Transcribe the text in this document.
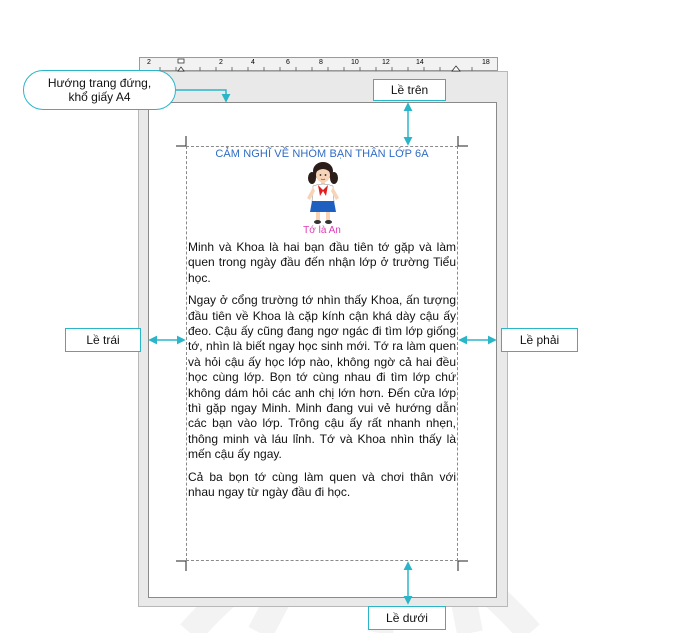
2	2	4	6	8	10	12	14	18
CẢM NGHĨ VỀ NHÓM BẠN THÂN LỚP 6A
Tớ là An

Minh và Khoa là hai bạn đầu tiên tớ gặp và làm quen trong ngày đầu đến nhận lớp ở trường Tiểu học.

Ngay ở cổng trường tớ nhìn thấy Khoa, ấn tượng đầu tiên về Khoa là cặp kính cận khá dày cậu ấy đeo. Cậu ấy cũng đang ngơ ngác đi tìm lớp giống tớ, nhìn là biết ngay học sinh mới. Tớ ra làm quen và hỏi cậu ấy học lớp nào, không ngờ cả hai đều học cùng lớp. Bọn tớ cùng nhau đi tìm lớp chứ không dám hỏi các anh chị lớn hơn. Đến cửa lớp thì gặp ngay Minh. Minh đang vui vẻ hướng dẫn các bạn vào lớp. Trông cậu ấy rất nhanh nhẹn, thông minh và láu lỉnh. Tớ và Khoa nhìn thấy là mến cậu ấy ngay.

Cả ba bọn tớ cùng làm quen và chơi thân với nhau ngay từ ngày đầu đi học.

Hướng trang đứng,
khổ giấy A4	Lề trên
Lề dưới
Lề trái	Lề phải
